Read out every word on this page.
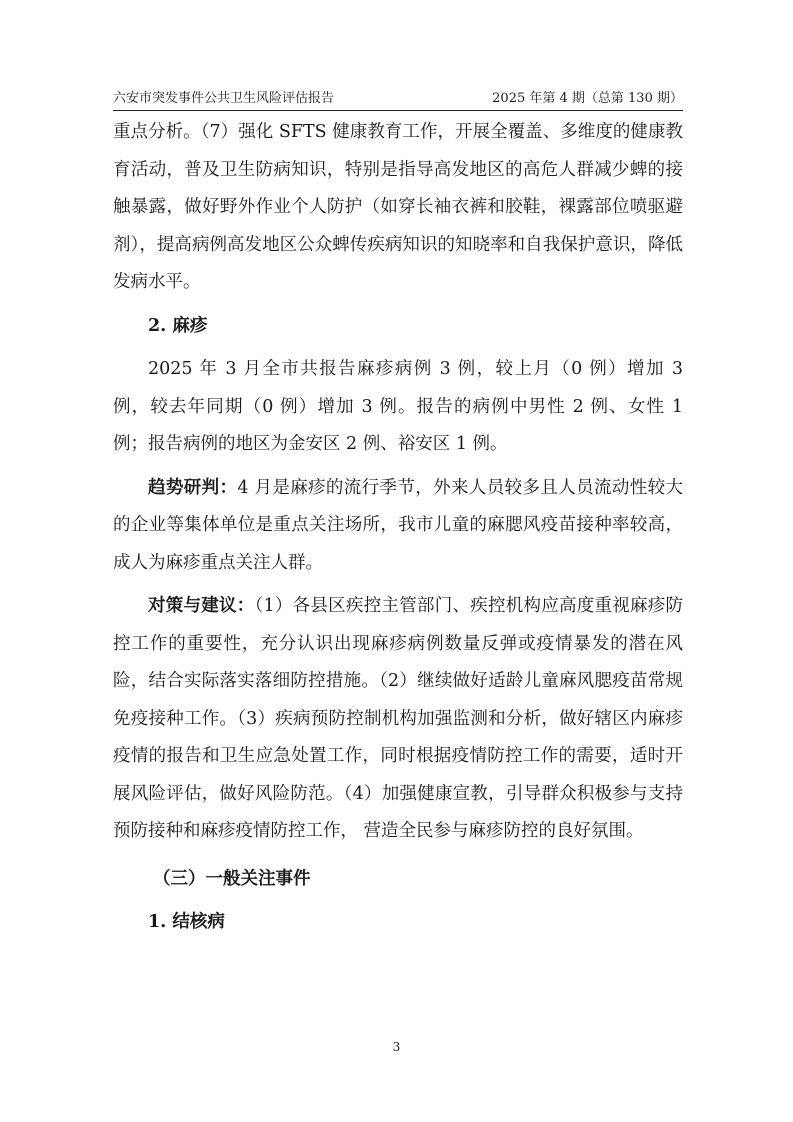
六安市突发事件公共卫生风险评估报告	2025 年第 4 期（总第 130 期）

重点分析。（7）强化 SFTS 健康教育工作，开展全覆盖、多维度的健康教育活动，普及卫生防病知识，特别是指导高发地区的高危人群减少蜱的接触暴露，做好野外作业个人防护（如穿长袖衣裤和胶鞋，裸露部位喷驱避剂），提高病例高发地区公众蜱传疾病知识的知晓率和自我保护意识，降低发病水平。

2. 麻疹

2025 年 3 月全市共报告麻疹病例 3 例，较上月（0 例）增加 3 例，较去年同期（0 例）增加 3 例。报告的病例中男性 2 例、女性 1 例；报告病例的地区为金安区 2 例、裕安区 1 例。

趋势研判：4 月是麻疹的流行季节，外来人员较多且人员流动性较大的企业等集体单位是重点关注场所，我市儿童的麻腮风疫苗接种率较高，成人为麻疹重点关注人群。

对策与建议：（1）各县区疾控主管部门、疾控机构应高度重视麻疹防控工作的重要性，充分认识出现麻疹病例数量反弹或疫情暴发的潜在风险，结合实际落实落细防控措施。（2）继续做好适龄儿童麻风腮疫苗常规免疫接种工作。（3）疾病预防控制机构加强监测和分析，做好辖区内麻疹疫情的报告和卫生应急处置工作，同时根据疫情防控工作的需要，适时开展风险评估，做好风险防范。（4）加强健康宣教，引导群众积极参与支持预防接种和麻疹疫情防控工作， 营造全民参与麻疹防控的良好氛围。

（三）一般关注事件
1. 结核病
3
